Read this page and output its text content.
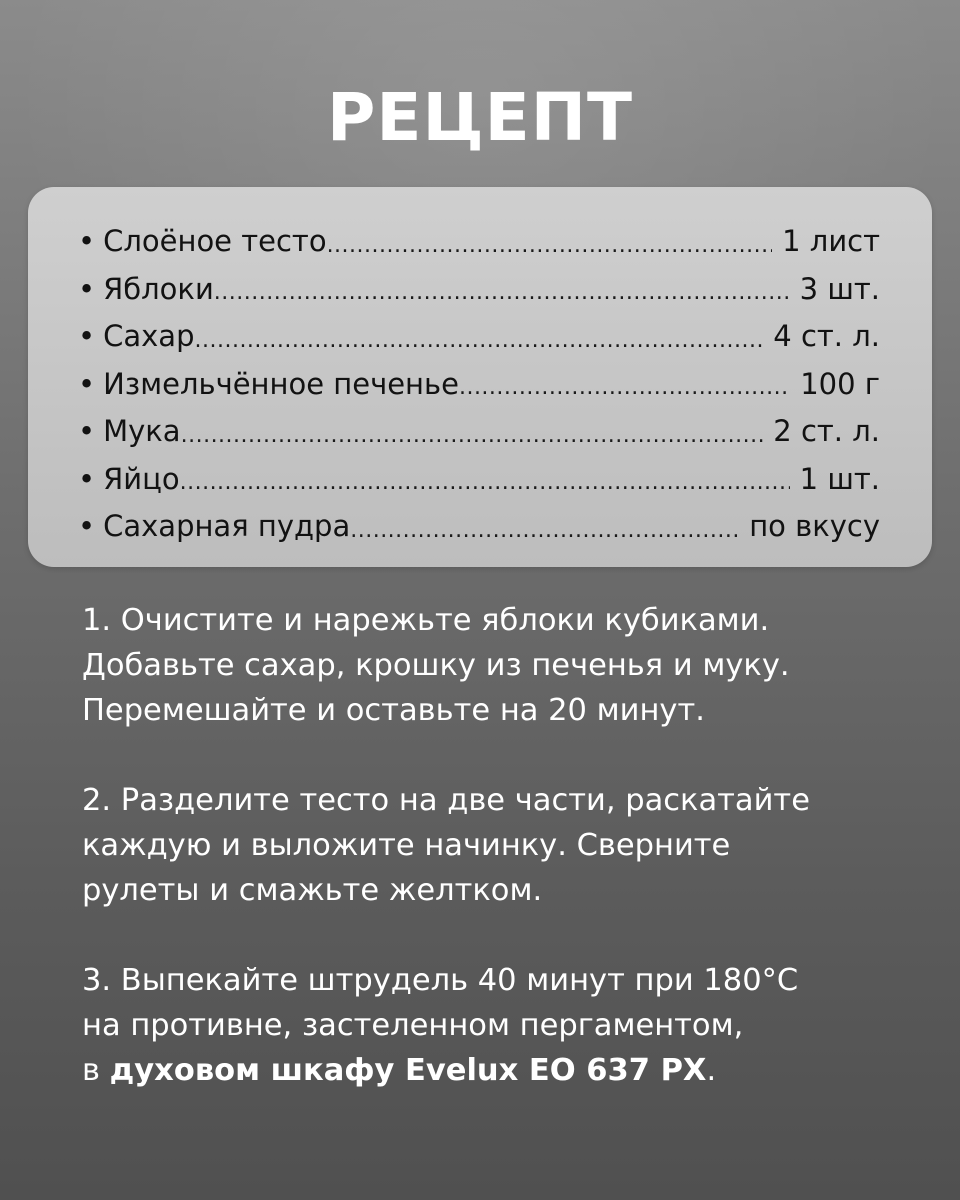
РЕЦЕПТ
• Слоёное тесто .....	1 лист
• Яблоки .....	3 шт.
• Сахар .....	4 ст. л.
• Измельчённое печенье .....	100 г
• Мука .....	2 ст. л.
• Яйцо .....	1 шт.
• Сахарная пудра .....	по вкусу

1. Очистите и нарежьте яблоки кубиками.
Добавьте сахар, крошку из печенья и муку.
Перемешайте и оставьте на 20 минут.

2. Разделите тесто на две части, раскатайте
каждую и выложите начинку. Сверните
рулеты и смажьте желтком.

3. Выпекайте штрудель 40 минут при 180°С
на противне, застеленном пергаментом,
в духовом шкафу Evelux EO 637 PX.
